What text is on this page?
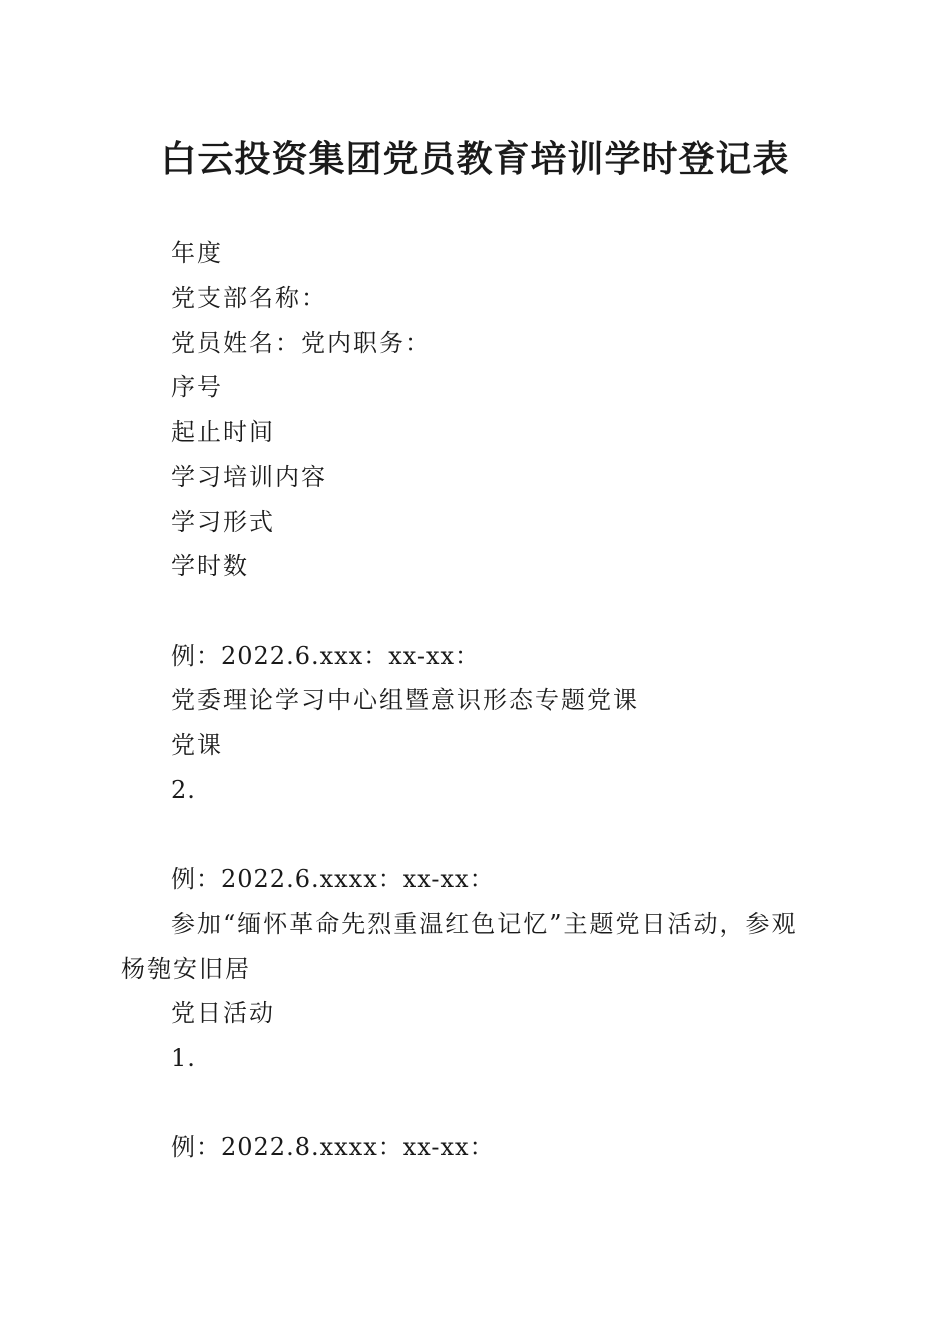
白云投资集团党员教育培训学时登记表
年度
党支部名称：
党员姓名：党内职务：
序号
起止时间
学习培训内容
学习形式
学时数
例：2022.6.xxx：xx-xx：
党委理论学习中心组暨意识形态专题党课
党课
2.
例：2022.6.xxxx：xx-xx：
参加“缅怀革命先烈重温红色记忆”主题党日活动，参观
杨匏安旧居
党日活动
1.
例：2022.8.xxxx：xx-xx：
